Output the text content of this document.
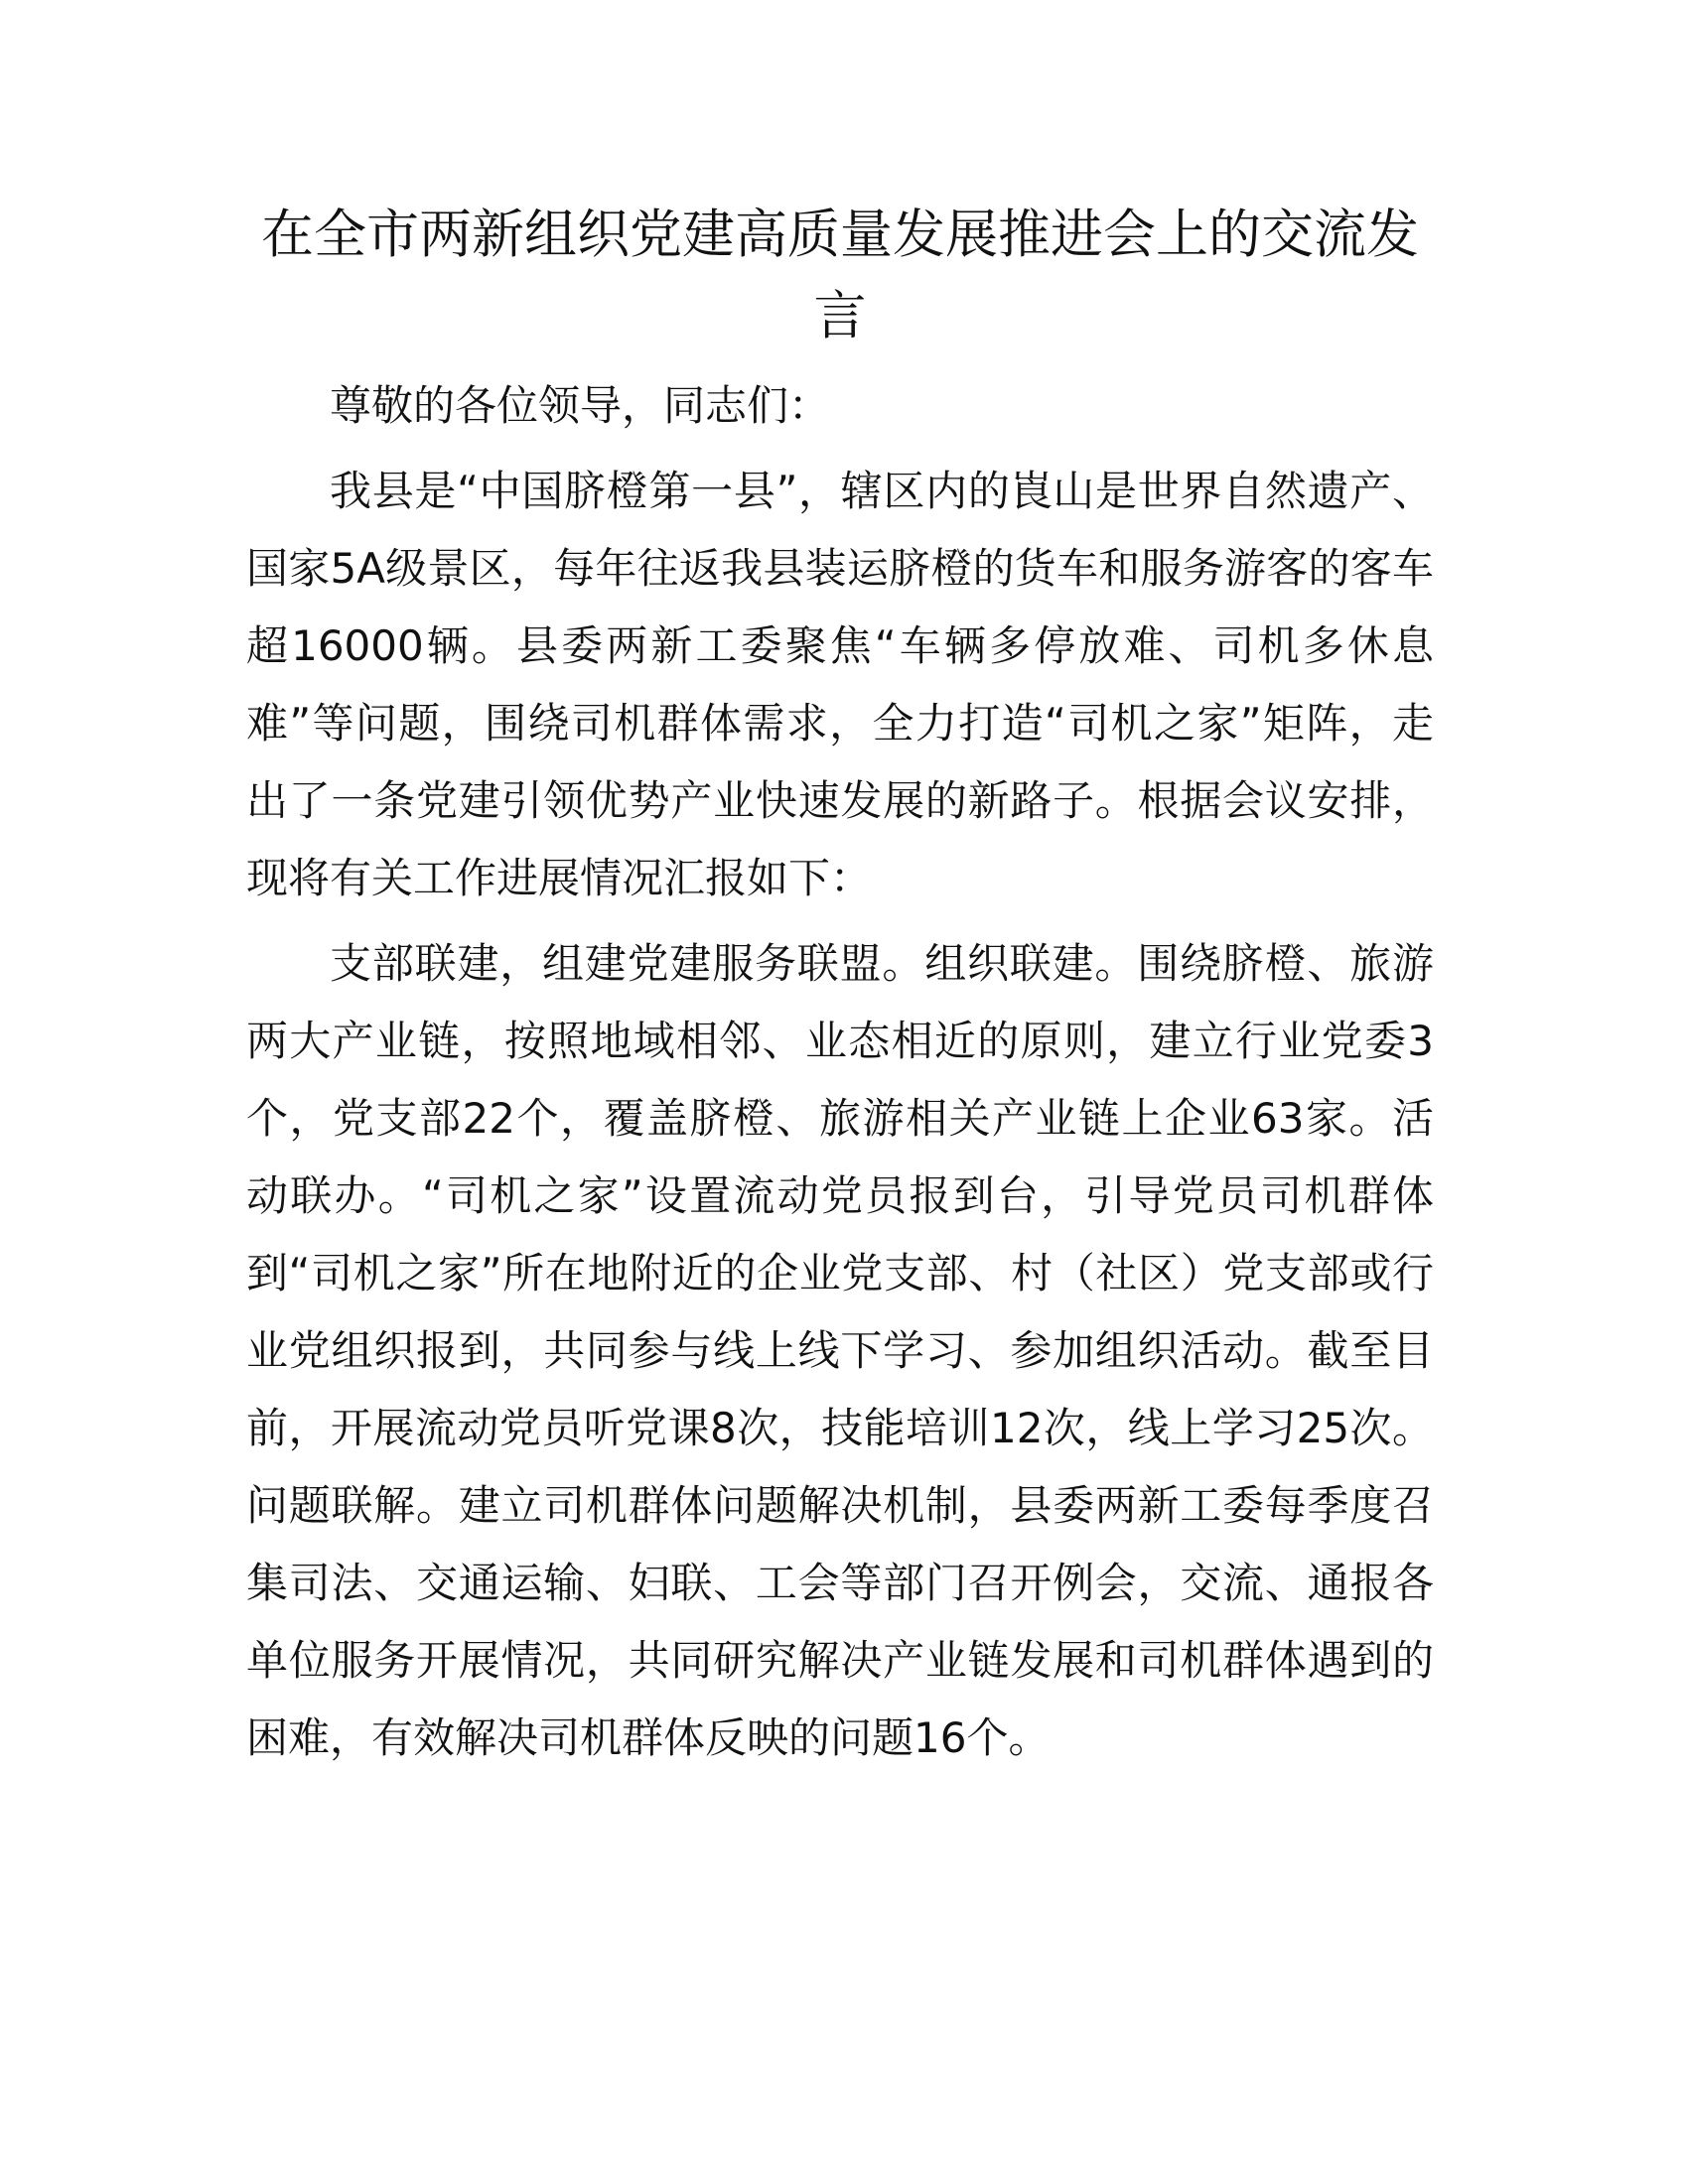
在全市两新组织党建高质量发展推进会上的交流发言

尊敬的各位领导，同志们：

我县是“中国脐橙第一县”，辖区内的崀山是世界自然遗产、国家5A级景区，每年往返我县装运脐橙的货车和服务游客的客车超16000辆。县委两新工委聚焦“车辆多停放难、司机多休息难”等问题，围绕司机群体需求，全力打造“司机之家”矩阵，走出了一条党建引领优势产业快速发展的新路子。根据会议安排，现将有关工作进展情况汇报如下：

支部联建，组建党建服务联盟。组织联建。围绕脐橙、旅游两大产业链，按照地域相邻、业态相近的原则，建立行业党委3个，党支部22个，覆盖脐橙、旅游相关产业链上企业63家。活动联办。“司机之家”设置流动党员报到台，引导党员司机群体到“司机之家”所在地附近的企业党支部、村（社区）党支部或行业党组织报到，共同参与线上线下学习、参加组织活动。截至目前，开展流动党员听党课8次，技能培训12次，线上学习25次。问题联解。建立司机群体问题解决机制，县委两新工委每季度召集司法、交通运输、妇联、工会等部门召开例会，交流、通报各单位服务开展情况，共同研究解决产业链发展和司机群体遇到的困难，有效解决司机群体反映的问题16个。
